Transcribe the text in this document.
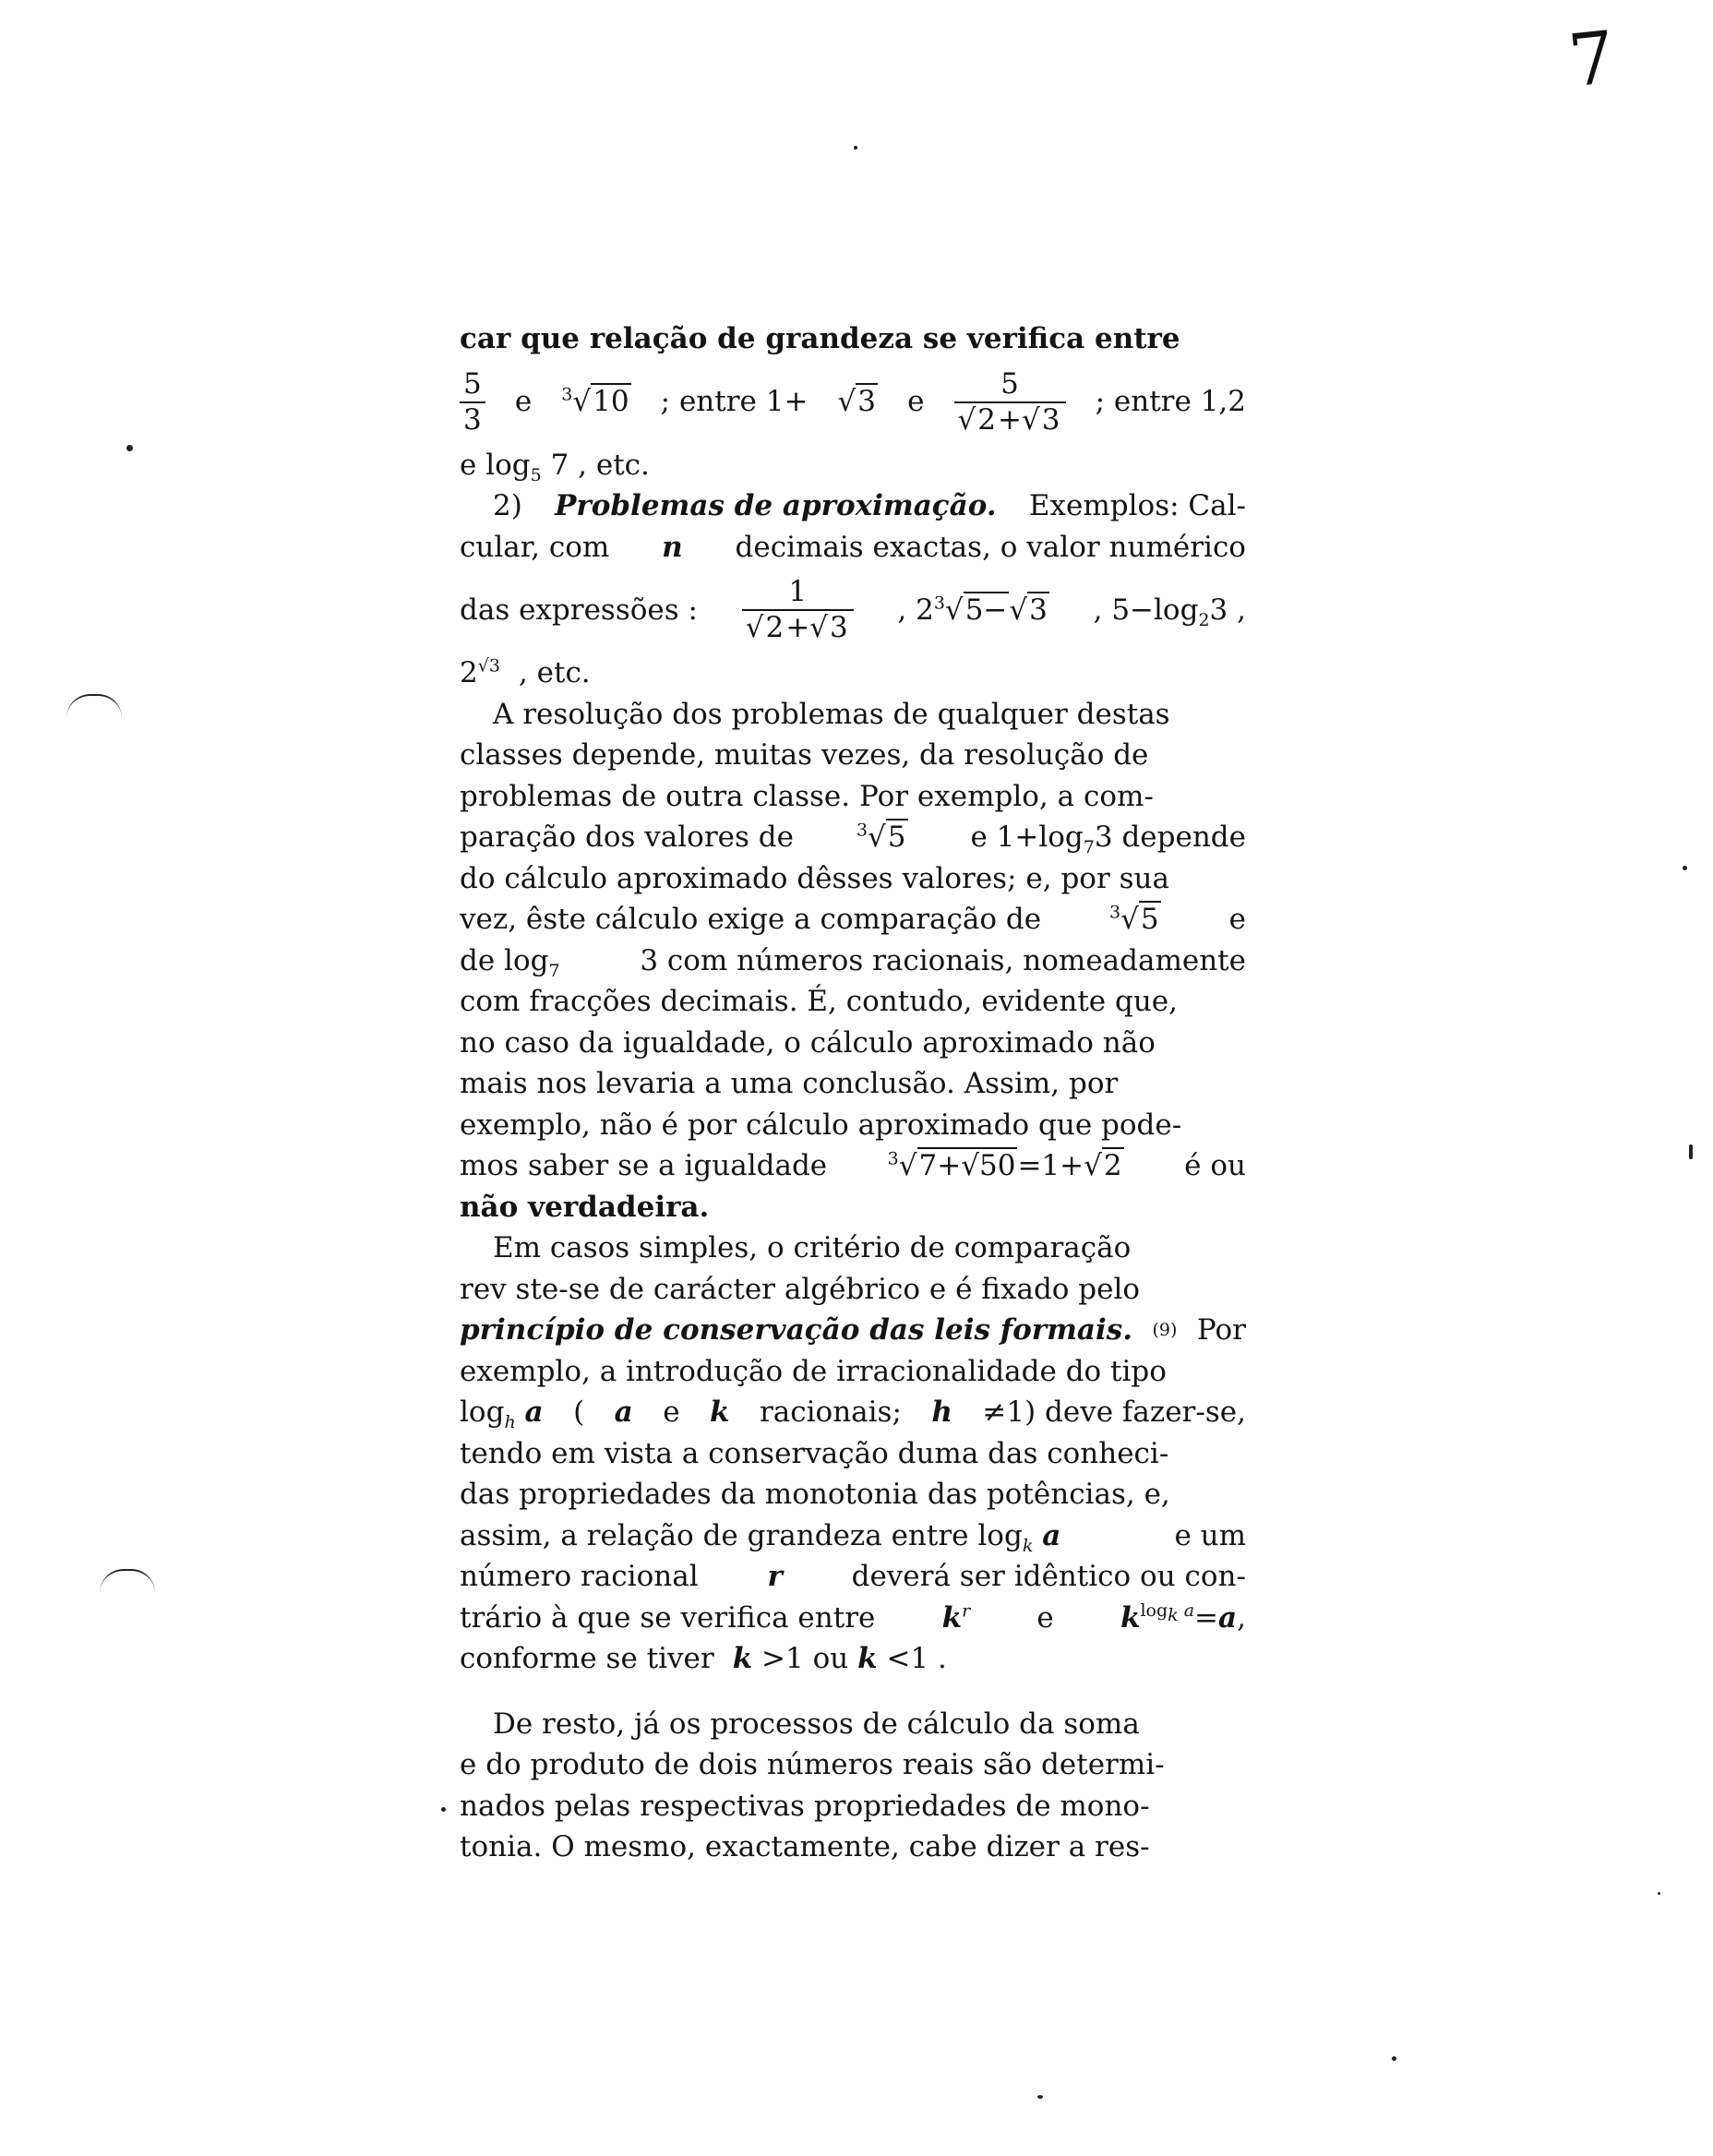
7
car que relação de grandeza se verifica entre
$\frac{5}{3}$ e $^3$√10 ; entre 1+ √3 e $\frac{5}{√2+√3}$ ; entre 1,2
e $\log_5 7$ , etc.
2) Problemas de aproximação. Exemplos: Cal-
cular, com n decimais exactas, o valor numérico
das expressões : $\frac{1}{√2+√3}$ , $2^3√5-√3$ , $5-\log_23$ ,
$2^{√3}$ , etc.
A resolução dos problemas de qualquer destas
classes depende, muitas vezes, da resolução de
problemas de outra classe. Por exemplo, a com-
paração dos valores de	$^3$√5 e $1+\log_73$ depende
do cálculo aproximado dêsses valores; e, por sua
vez, êste cálculo exige a comparação de	$^3$√5 e
de $\log_7$	3 com números racionais, nomeadamente
com fracções decimais. É, contudo, evidente que,
no caso da igualdade, o cálculo aproximado não
mais nos levaria a uma conclusão. Assim, por
exemplo, não é por cálculo aproximado que pode-
mos saber se a igualdade	$^3$√7+√50=1+√2 é ou
não verdadeira.
Em casos simples, o critério de comparação
rev ste-se de carácter algébrico e é fixado pelo
princípio de conservação das leis formais. (9) Por
exemplo, a introdução de irracionalidade do tipo
$\log_h a$ ( a e k racionais; h ≠1) deve fazer-se,
tendo em vista a conservação duma das conheci-
das propriedades da monotonia das potências, e,
assim, a relação de grandeza entre $\log_k a$	e um
número racional r deverá ser idêntico ou con-
trário à que se verifica entre $k^r$ e $k^{log_k a}=a$,
conforme se tiver k >1 ou k <1 .
De resto, já os processos de cálculo da soma
e do produto de dois números reais são determi-
nados pelas respectivas propriedades de mono-
tonia. O mesmo, exactamente, cabe dizer a res-
